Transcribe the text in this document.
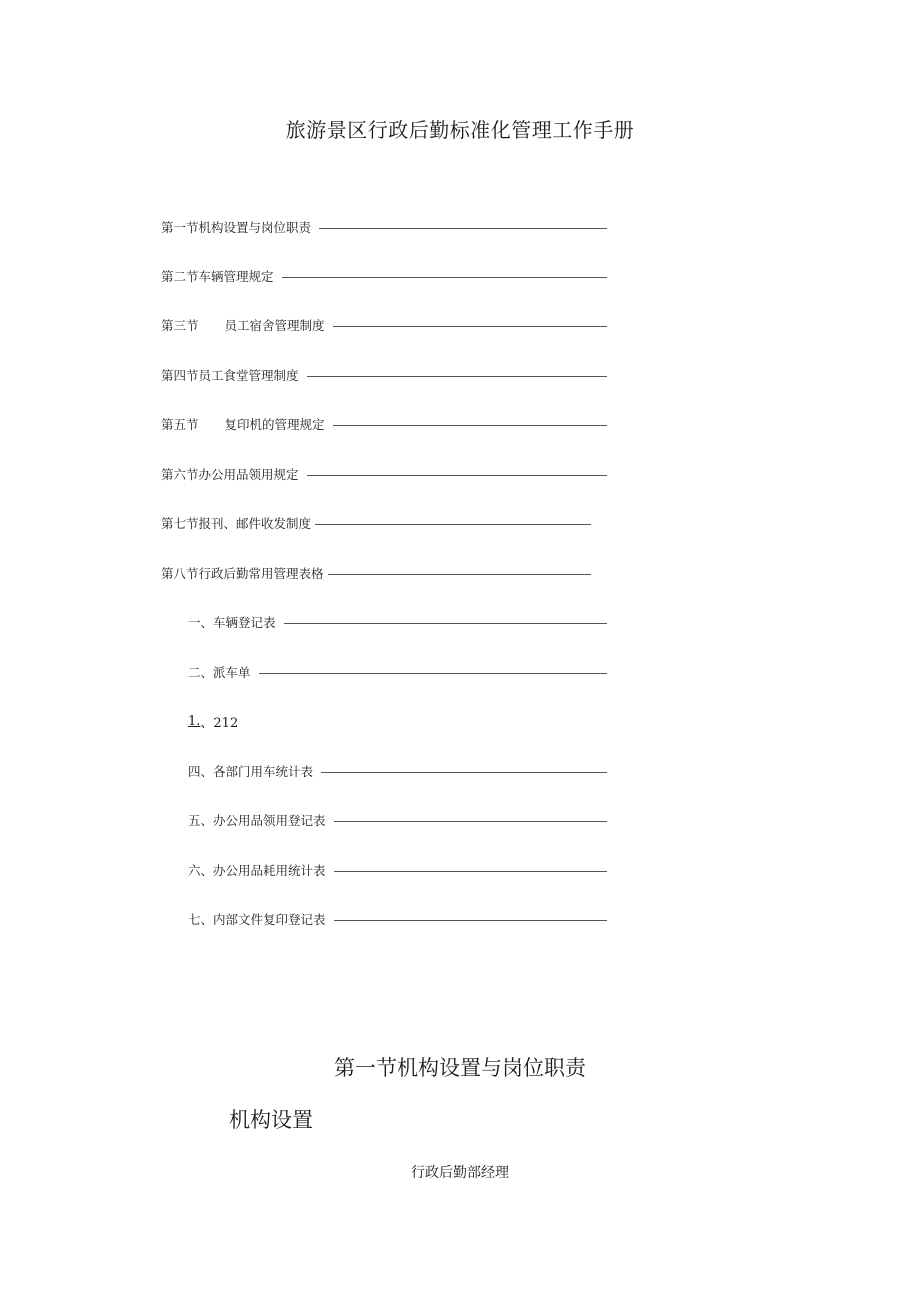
旅游景区行政后勤标准化管理工作手册
第一节机构设置与岗位职责
第二节车辆管理规定
第三节 员工宿舍管理制度
第四节员工食堂管理制度
第五节 复印机的管理规定
第六节办公用品领用规定
第七节报刊、邮件收发制度
第八节行政后勤常用管理表格
一、车辆登记表
二、派车单
1. 、212
四、各部门用车统计表
五、办公用品领用登记表
六、办公用品耗用统计表
七、内部文件复印登记表
第一节机构设置与岗位职责
机构设置
行政后勤部经理
